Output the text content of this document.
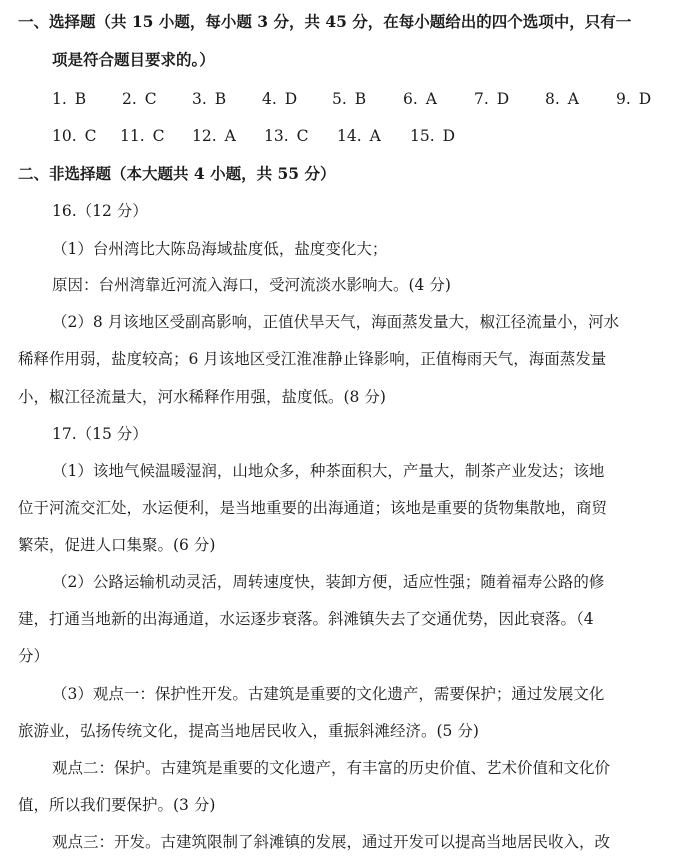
一、选择题（共 15 小题，每小题 3 分，共 45 分，在每小题给出的四个选项中，只有一
项是符合题目要求的。）
1. B	2. C	3. B	4. D	5. B	6. A	7. D	8. A	9. D
10. C	11. C	12. A	13. C	14. A	15. D
二、非选择题（本大题共 4 小题，共 55 分）
16.（12 分）
（1）台州湾比大陈岛海域盐度低，盐度变化大；
原因：台州湾靠近河流入海口，受河流淡水影响大。(4 分)
（2）8 月该地区受副高影响，正值伏旱天气，海面蒸发量大，椒江径流量小，河水
稀释作用弱，盐度较高；6 月该地区受江淮准静止锋影响，正值梅雨天气，海面蒸发量
小，椒江径流量大，河水稀释作用强，盐度低。(8 分)
17.（15 分）
（1）该地气候温暖湿润，山地众多，种茶面积大，产量大，制茶产业发达；该地
位于河流交汇处，水运便利，是当地重要的出海通道；该地是重要的货物集散地，商贸
繁荣，促进人口集聚。(6 分)
（2）公路运输机动灵活，周转速度快，装卸方便，适应性强；随着福寿公路的修
建，打通当地新的出海通道，水运逐步衰落。斜滩镇失去了交通优势，因此衰落。（4
分）
（3）观点一：保护性开发。古建筑是重要的文化遗产，需要保护；通过发展文化
旅游业，弘扬传统文化，提高当地居民收入，重振斜滩经济。(5 分)
观点二：保护。古建筑是重要的文化遗产，有丰富的历史价值、艺术价值和文化价
值，所以我们要保护。(3 分)
观点三：开发。古建筑限制了斜滩镇的发展，通过开发可以提高当地居民收入，改
